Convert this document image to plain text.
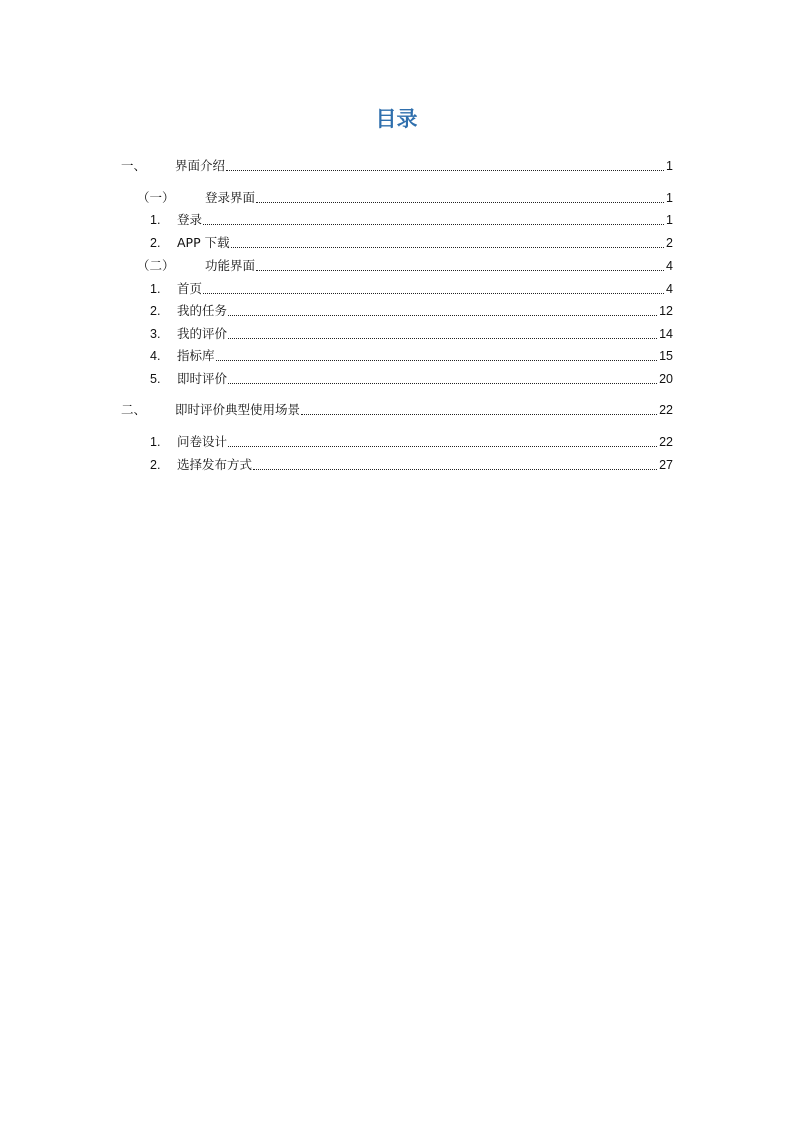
目录
一、	界面介绍	1
（一）	登录界面	1
1.	登录	1
2.	APP 下载	2
（二）	功能界面	4
1.	首页	4
2.	我的任务	12
3.	我的评价	14
4.	指标库	15
5.	即时评价	20
二、	即时评价典型使用场景	22
1.	问卷设计	22
2.	选择发布方式	27
